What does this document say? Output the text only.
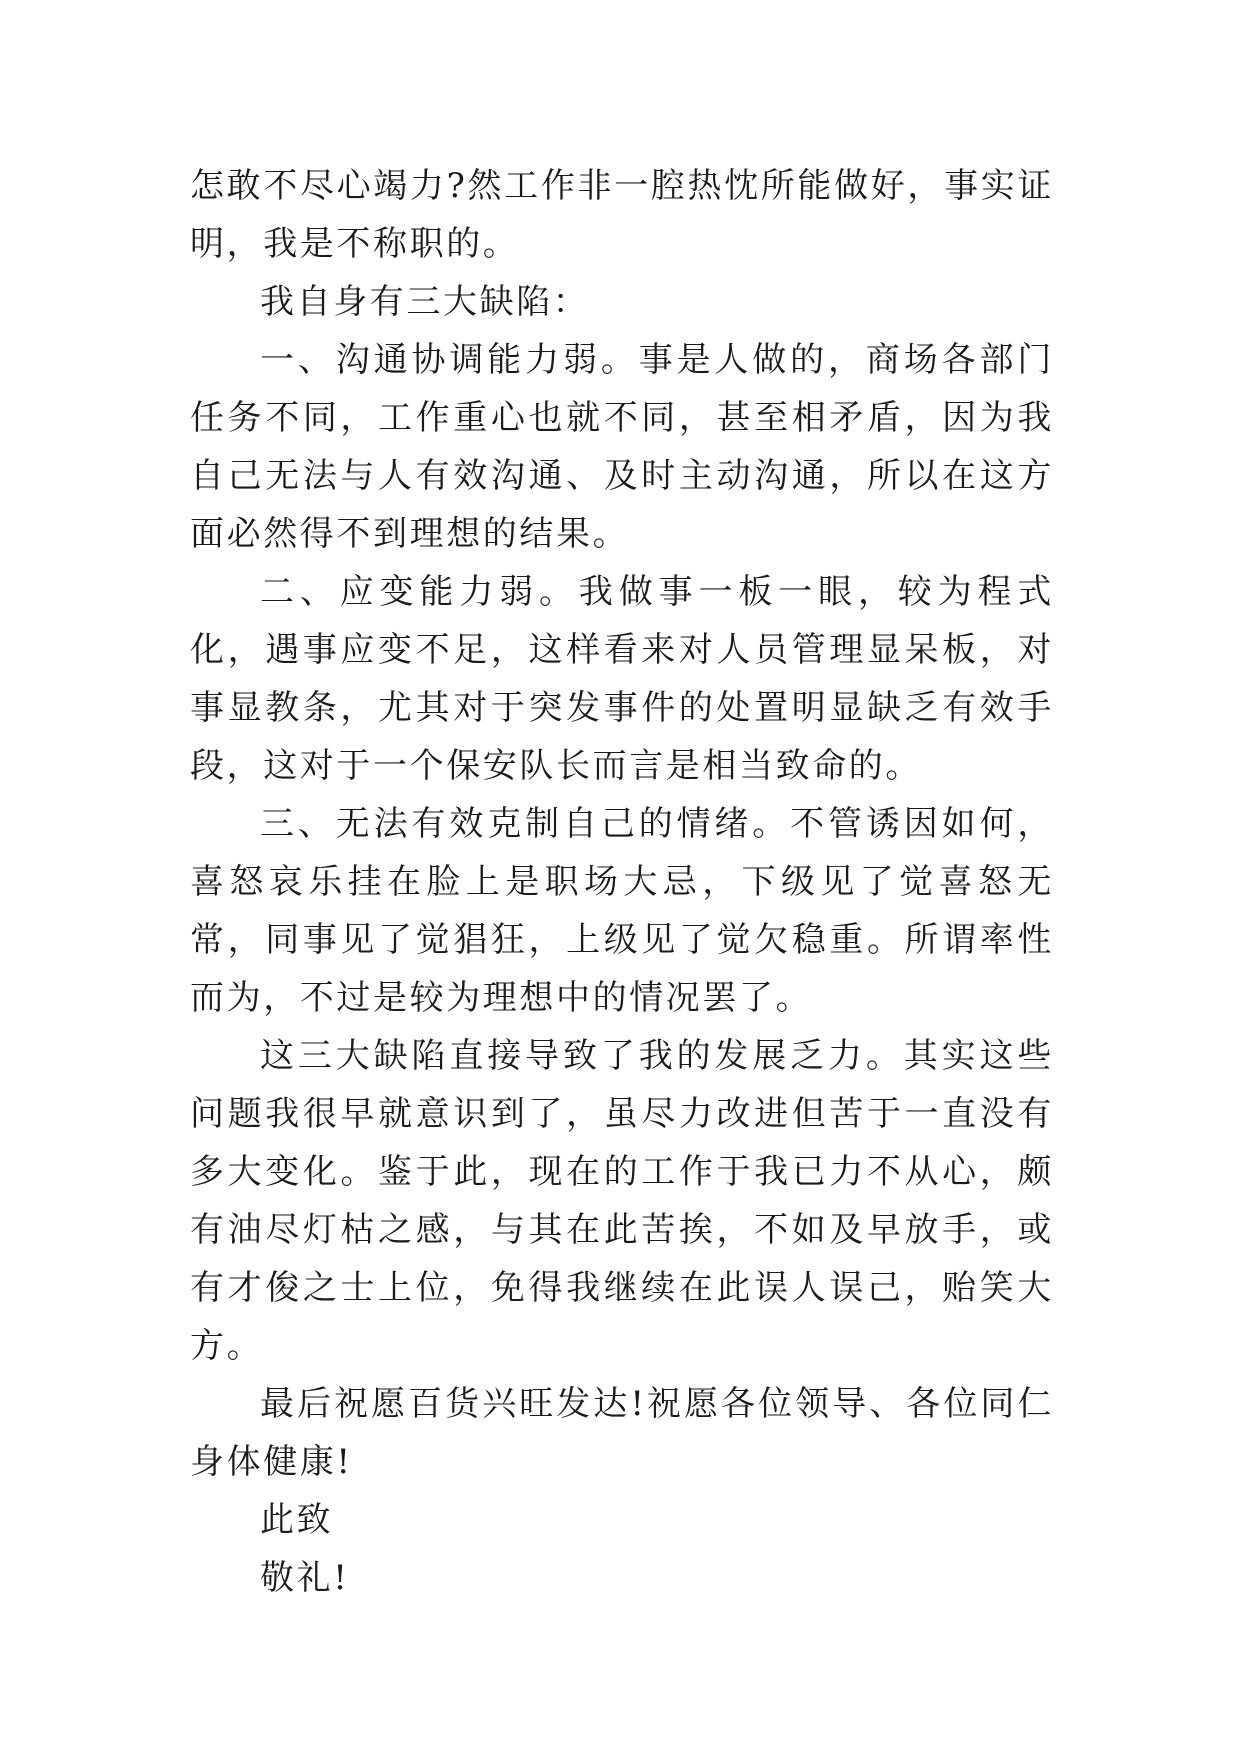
怎敢不尽心竭力?然工作非一腔热忱所能做好，事实证明，我是不称职的。

我自身有三大缺陷：

一、沟通协调能力弱。事是人做的，商场各部门任务不同，工作重心也就不同，甚至相矛盾，因为我自己无法与人有效沟通、及时主动沟通，所以在这方面必然得不到理想的结果。

二、应变能力弱。我做事一板一眼，较为程式化，遇事应变不足，这样看来对人员管理显呆板，对事显教条，尤其对于突发事件的处置明显缺乏有效手段，这对于一个保安队长而言是相当致命的。

三、无法有效克制自己的情绪。不管诱因如何，喜怒哀乐挂在脸上是职场大忌，下级见了觉喜怒无常，同事见了觉猖狂，上级见了觉欠稳重。所谓率性而为，不过是较为理想中的情况罢了。

这三大缺陷直接导致了我的发展乏力。其实这些问题我很早就意识到了，虽尽力改进但苦于一直没有多大变化。鉴于此，现在的工作于我已力不从心，颇有油尽灯枯之感，与其在此苦挨，不如及早放手，或有才俊之士上位，免得我继续在此误人误己，贻笑大方。

最后祝愿百货兴旺发达!祝愿各位领导、各位同仁身体健康!

此致

敬礼!
